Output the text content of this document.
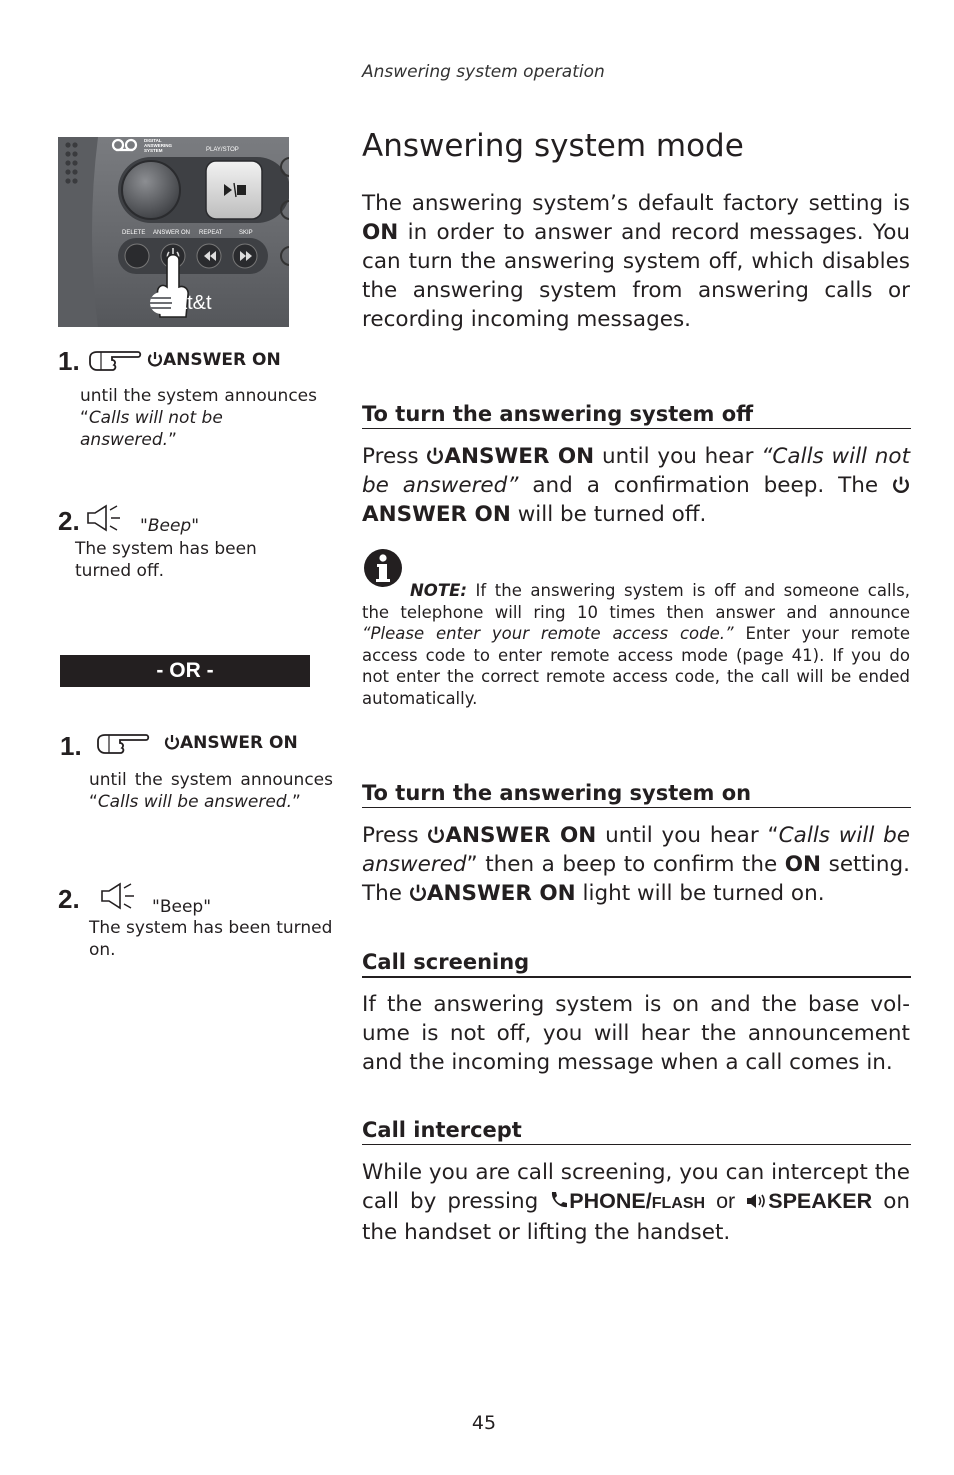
Answering system operation
DIGITAL
ANSWERING
SYSTEM	PLAY/STOP
DELETE ANSWER ON REPEAT	SKIP
at&t
1.	ANSWER ON
until the system announces
“Calls will not be answered.”
2.	"Beep"
The system has been
turned off.
- OR -
1.	ANSWER ON
until the system announces
“Calls will be answered.”
2.	"Beep"
The system has been turned
on.
Answering system mode

The answering system’s default factory setting is ON in order to answer and record messages. You can turn the answering system off, which disables the answering system from answering calls or recording incoming messages.

To turn the answering system off

Press ANSWER ON until you hear “Calls will not be answered” and a confirmation beep. The ANSWER ON will be turned off.

NOTE: If the answering system is off and someone calls, the telephone will ring 10 times then answer and announce “Please enter your remote access code.” Enter your remote access code to enter remote access mode (page 41). If you do not enter the correct remote access code, the call will be ended automatically.

To turn the answering system on

Press ANSWER ON until you hear “Calls will be answered” then a beep to confirm the ON setting. The ANSWER ON light will be turned on.

Call screening

If the answering system is on and the base vol-ume is not off, you will hear the announcement and the incoming message when a call comes in.

Call intercept

While you are call screening, you can intercept the call by pressing PHONE/FLASH or SPEAKER on the handset or lifting the handset.

45
